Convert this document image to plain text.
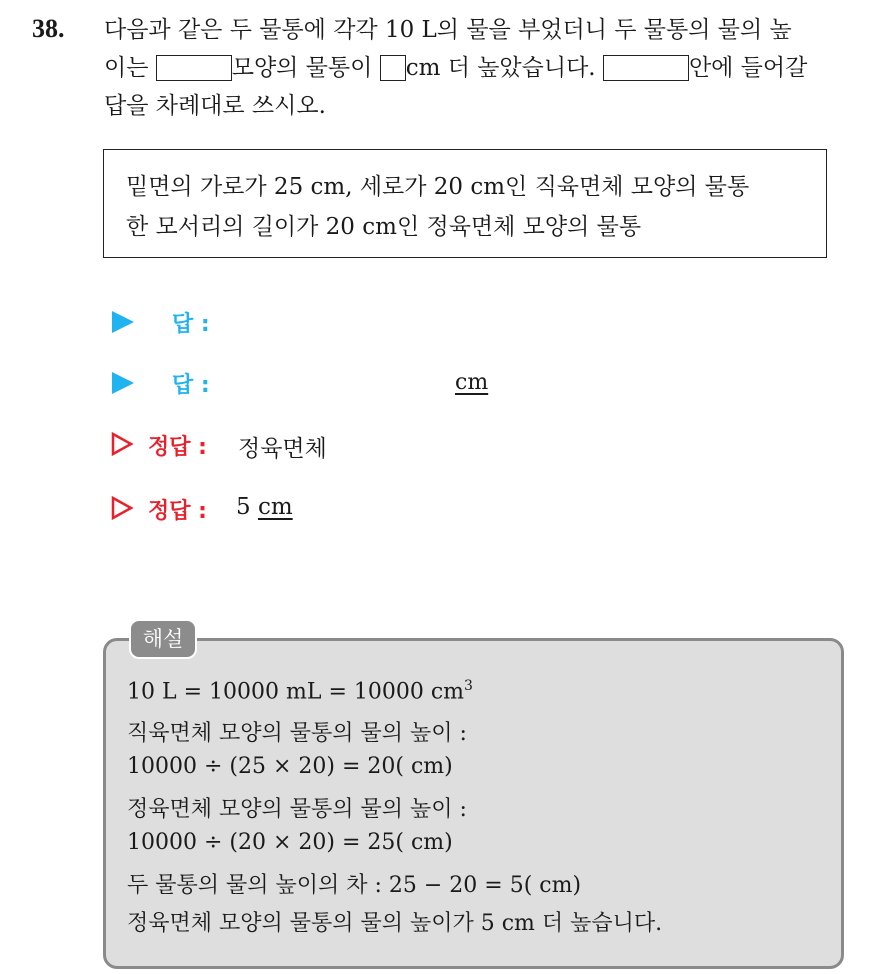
38. 다음과 같은 두 물통에 각각 10 L의 물을 부었더니 두 물통의 물의 높
이는	모양의 물통이 cm 더 높았습니다.	안에 들어갈
답을 차례대로 쓰시오.
밑면의 가로가 25 cm, 세로가 20 cm인 직육면체 모양의 물통
한 모서리의 길이가 20 cm인 정육면체 모양의 물통
답 :
답 :	cm
정답 : 정육면체
정답 : 5 cm
해설
10 L = 10000 mL = 10000 $cm^3$
직육면체 모양의 물통의 물의 높이 :
10000 ÷ (25 × 20) = 20( cm)
정육면체 모양의 물통의 물의 높이 :
10000 ÷ (20 × 20) = 25( cm)
두 물통의 물의 높이의 차 : 25 − 20 = 5( cm)
정육면체 모양의 물통의 물의 높이가 5 cm 더 높습니다.
